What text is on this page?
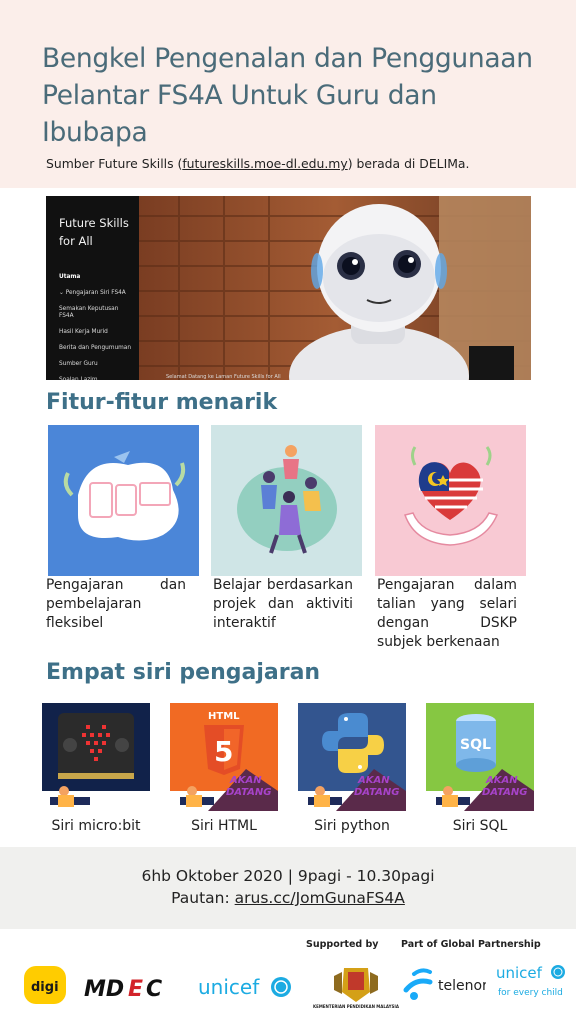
Bengkel Pengenalan dan Penggunaan Pelantar FS4A Untuk Guru dan Ibubapa
Sumber Future Skills (futureskills.moe-dl.edu.my) berada di DELIMa.
Future Skills for All
Utama
⌄ Pengajaran Siri FS4A
Semakan Keputusan FS4A
Hasil Kerja Murid
Berita dan Pengumuman
Sumber Guru
Soalan Lazim	Selamat Datang ke Laman Future Skills for All
Fitur-fitur menarik
Pengajaran dan pembelajaran fleksibel
Belajar berdasarkan projek dan aktiviti interaktif
Pengajaran dalam talian yang selari dengan DSKP subjek berkenaan
Empat siri pengajaran
Siri micro:bit
HTML
5
AKAN
DATANG
Siri HTML
AKAN
DATANG
Siri python
SQL
AKAN
DATANG
Siri SQL
6hb Oktober 2020 | 9pagi - 10.30pagi
Pautan: arus.cc/JomGunaFS4A
Supported by Part of Global Partnership
digi MD E C unicef
KEMENTERIAN PENDIDIKAN MALAYSIA
telenor
unicef
for every child
